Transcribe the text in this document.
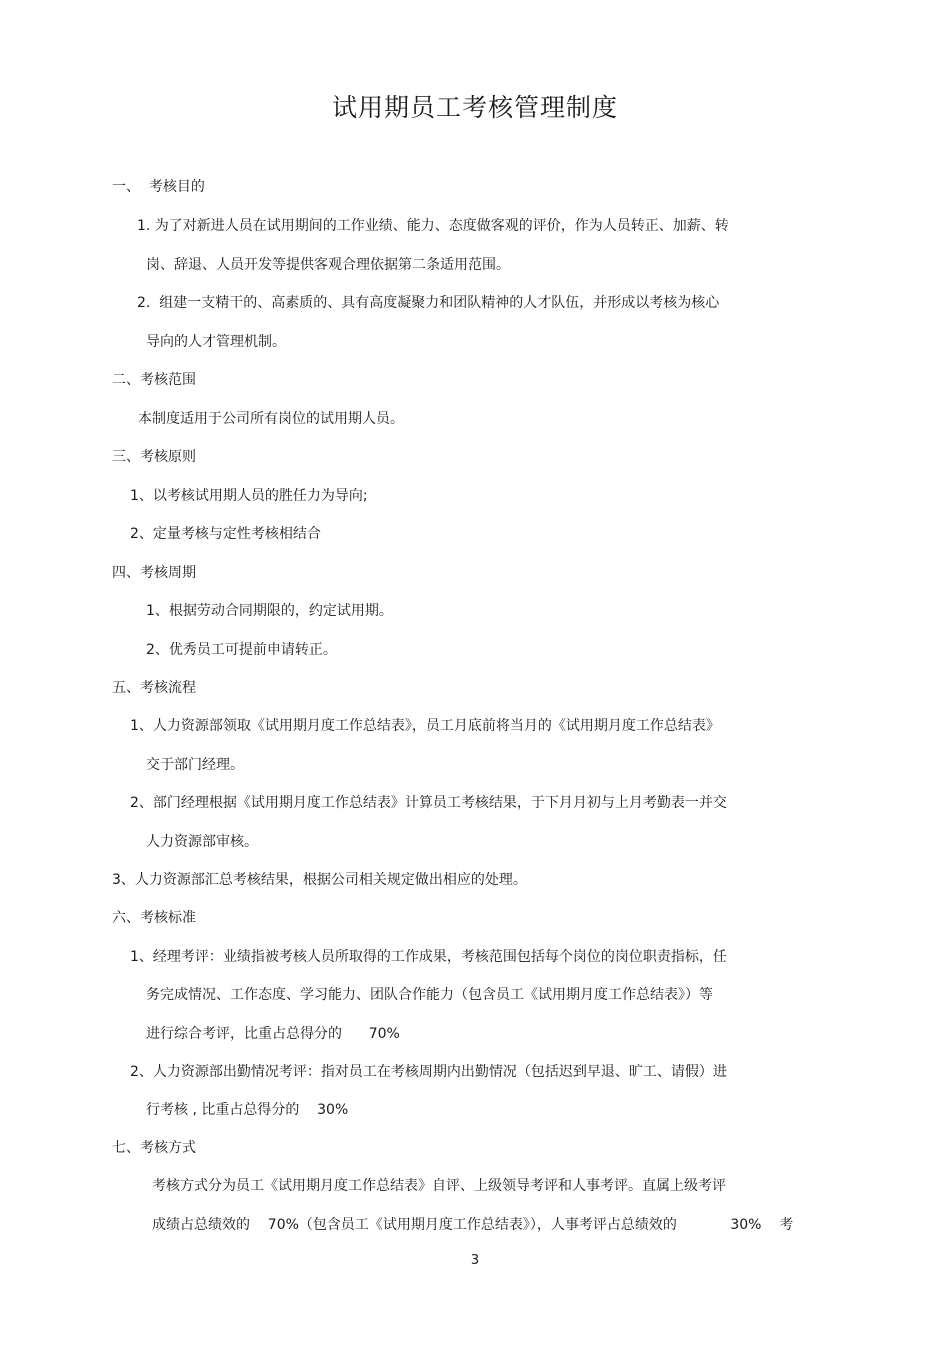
试用期员工考核管理制度
一、  考核目的
1. 为了对新进人员在试用期间的工作业绩、能力、态度做客观的评价，作为人员转正、加薪、转
岗、辞退、人员开发等提供客观合理依据第二条适用范围。
2.  组建一支精干的、高素质的、具有高度凝聚力和团队精神的人才队伍，并形成以考核为核心
导向的人才管理机制。
二、考核范围
本制度适用于公司所有岗位的试用期人员。
三、考核原则
1、以考核试用期人员的胜任力为导向;
2、定量考核与定性考核相结合
四、考核周期
1、根据劳动合同期限的，约定试用期。
2、优秀员工可提前申请转正。
五、考核流程
1、人力资源部领取《试用期月度工作总结表》，员工月底前将当月的《试用期月度工作总结表》
交于部门经理。
2、部门经理根据《试用期月度工作总结表》计算员工考核结果，于下月月初与上月考勤表一并交
人力资源部审核。
3、人力资源部汇总考核结果，根据公司相关规定做出相应的处理。
六、考核标准
1、经理考评：业绩指被考核人员所取得的工作成果，考核范围包括每个岗位的岗位职责指标，任
务完成情况、工作态度、学习能力、团队合作能力（包含员工《试用期月度工作总结表》）等
进行综合考评，比重占总得分的      70%
2、人力资源部出勤情况考评：指对员工在考核周期内出勤情况（包括迟到早退、旷工、请假）进
行考核 , 比重占总得分的    30%
七、考核方式
考核方式分为员工《试用期月度工作总结表》自评、上级领导考评和人事考评。直属上级考评
成绩占总绩效的    70%（包含员工《试用期月度工作总结表》），人事考评占总绩效的            30%    考
3
